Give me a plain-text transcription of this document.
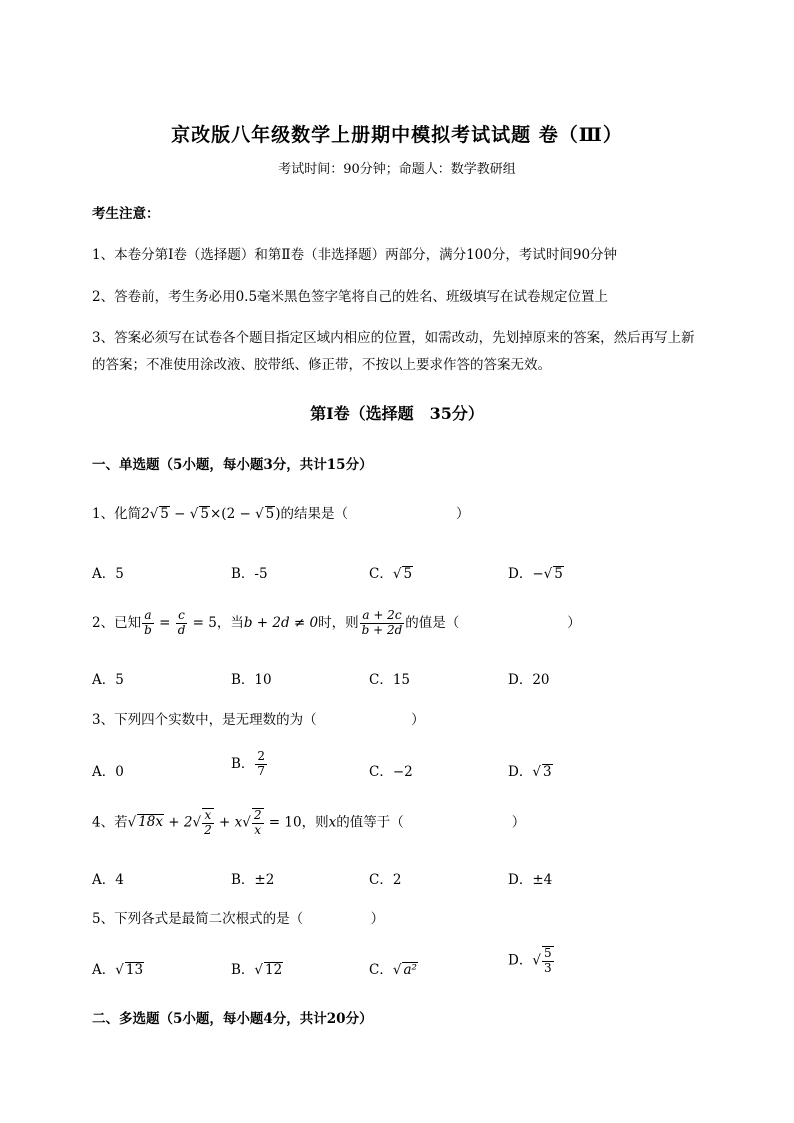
京改版八年级数学上册期中模拟考试试题 卷（Ⅲ）
考试时间：90分钟；命题人：数学教研组
考生注意：
1、本卷分第I卷（选择题）和第Ⅱ卷（非选择题）两部分，满分100分，考试时间90分钟
2、答卷前，考生务必用0.5毫米黑色签字笔将自己的姓名、班级填写在试卷规定位置上
3、答案必须写在试卷各个题目指定区域内相应的位置，如需改动，先划掉原来的答案，然后再写上新
的答案；不准使用涂改液、胶带纸、修正带，不按以上要求作答的答案无效。
第I卷（选择题　35分）
一、单选题（5小题，每小题3分，共计15分）
1、化简2√ 5 − √ 5×(2 − √ 5)的结果是（　　　　　　　　）
A．5	B．-5	C．√ 5	D．−√ 5
2、已知 $\frac{a}{b} = \frac{c}{d} = 5$，当b + 2d ≠ 0时，则 $\frac{a + 2c}{b + 2d}$ 的值是（　　　　　　　　）
A．5	B．10	C．15	D．20
3、下列四个实数中，是无理数的为（　　　　　　　）
A．0
B． $\frac{2}{7}$	C．−2	D．√ 3
4、若√ $18x + 2√ \frac{x}{2} + x√ \frac{2}{x} = 10$，则x的值等于（　　　　　　　　）
A．4	B．±2	C．2	D．±4
5、下列各式是最简二次根式的是（　　　　　）
A．√ 13	B．√ 12	C．√ a²
D．√ $\frac{5}{3}$
二、多选题（5小题，每小题4分，共计20分）
